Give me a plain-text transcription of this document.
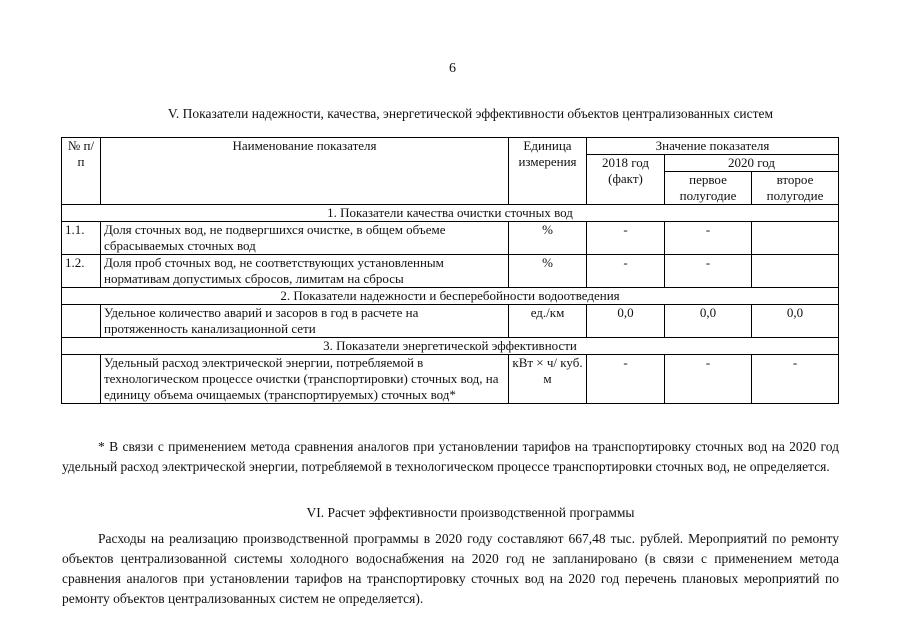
6
V. Показатели надежности, качества, энергетической эффективности объектов централизованных систем
№ п/п	Наименование показателя	Единица измерения	Значение показателя		
			2018 год (факт)	2020 год	
				первое полугодие	второе полугодие
1. Показатели качества очистки сточных вод					
1.1.	Доля сточных вод, не подвергшихся очистке, в общем объеме сбрасываемых сточных вод	%	-	-	
1.2.	Доля проб сточных вод, не соответствующих установленным нормативам допустимых сбросов, лимитам на сбросы	%	-	-	
2. Показатели надежности и бесперебойности водоотведения					
	Удельное количество аварий и засоров в год в расчете на протяженность канализационной сети	ед./км	0,0	0,0	0,0
3. Показатели энергетической эффективности					
	Удельный расход электрической энергии, потребляемой в технологическом процессе очистки (транспортировки) сточных вод, на единицу объема очищаемых (транспортируемых) сточных вод*	кВт × ч/ куб. м	-	-	-
* В связи с применением метода сравнения аналогов при установлении тарифов на транспортировку сточных вод на 2020 год удельный расход электрической энергии, потребляемой в технологическом процессе транспортировки сточных вод, не определяется.
VI. Расчет эффективности производственной программы
Расходы на реализацию производственной программы в 2020 году составляют 667,48 тыс. рублей. Мероприятий по ремонту объектов централизованной системы холодного водоснабжения на 2020 год не запланировано (в связи с применением метода сравнения аналогов при установлении тарифов на транспортировку сточных вод на 2020 год перечень плановых мероприятий по ремонту объектов централизованных систем не определяется).
